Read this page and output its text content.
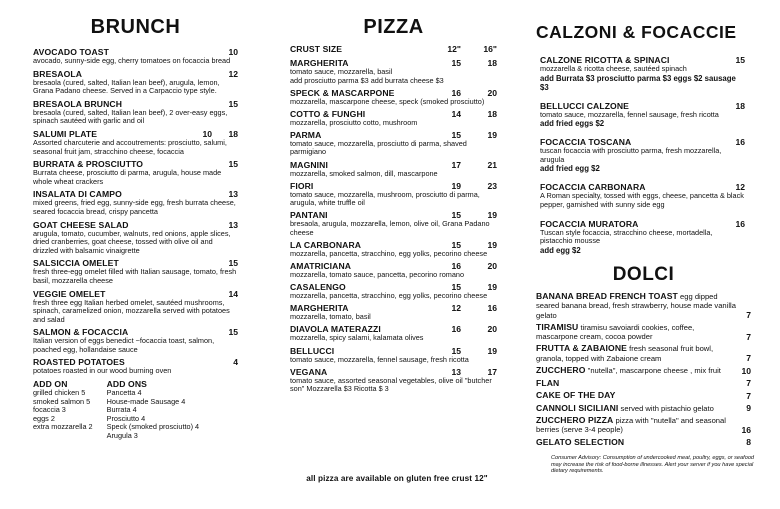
BRUNCH
AVOCADO TOAST	10
avocado, sunny-side egg, cherry tomatoes on focaccia bread
BRESAOLA	12
bresaola (cured, salted, Italian lean beef), arugula, lemon, Grana Padano cheese. Served in a Carpaccio type style.
BRESAOLA BRUNCH	15
bresaola (cured, salted, Italian lean beef), 2 over-easy eggs, spinach sautéed with garlic and oil
SALUMI PLATE	10	18
Assorted charcuterie and accoutrements: prosciutto, salumi, seasonal fruit jam, stracchino cheese, focaccia
BURRATA & PROSCIUTTO	15
Burrata cheese, prosciutto di parma, arugula, house made whole wheat crackers
INSALATA DI CAMPO	13
mixed greens, fried egg, sunny-side egg, fresh burrata cheese, seared focaccia bread, crispy pancetta
GOAT CHEESE SALAD	13
arugula, tomato, cucumber, walnuts, red onions, apple slices, dried cranberries, goat cheese, tossed with olive oil and drizzled with balsamic vinaigrette
SALSICCIA OMELET	15
fresh three-egg omelet filled with Italian sausage, tomato, fresh basil, mozzarella cheese
VEGGIE OMELET	14
fresh three egg Italian herbed omelet, sautéed mushrooms, spinach, caramelized onion, mozzarella served with potatoes and salad
SALMON & FOCACCIA	15
Italian version of eggs benedict ~focaccia toast, salmon, poached egg, hollandaise sauce
ROASTED POTATOES	4
potatoes roasted in our wood burning oven
ADD ON
grilled chicken 5
smoked salmon 5
focaccia 3
eggs 2
extra mozzarella 2
ADD ONS
Pancetta 4
House-made Sausage 4
Burrata 4
Prosciutto 4
Speck (smoked prosciutto) 4
Arugula 3
PIZZA
CRUST SIZE	12"	16"
MARGHERITA	15	18
tomato sauce, mozzarella, basil
add prosciutto parma $3 add burrata cheese $3
SPECK & MASCARPONE	16	20
mozzarella, mascarpone cheese, speck (smoked prosciutto)
COTTO & FUNGHI	14	18
mozzarella, prosciutto cotto, mushroom
PARMA	15	19
tomato sauce, mozzarella, prosciutto di parma, shaved parmigiano
MAGNINI	17	21
mozzarella, smoked salmon, dill, mascarpone
FIORI	19	23
tomato sauce, mozzarella, mushroom, prosciutto di parma, arugula, white truffle oil
PANTANI	15	19
bresaola, arugula, mozzarella, lemon, olive oil, Grana Padano cheese
LA CARBONARA	15	19
mozzarella, pancetta, stracchino, egg yolks, pecorino cheese
AMATRICIANA	16	20
mozzarella, tomato sauce, pancetta, pecorino romano
CASALENGO	15	19
mozzarella, pancetta, stracchino, egg yolks, pecorino cheese
MARGHERITA	12	16
mozzarella, tomato, basil
DIAVOLA MATERAZZI	16	20
mozzarella, spicy salami, kalamata olives
BELLUCCI	15	19
tomato sauce, mozzarella, fennel sausage, fresh ricotta
VEGANA	13	17
tomato sauce, assorted seasonal vegetables, olive oil "butcher son" Mozzarella $3 Ricotta $ 3
all pizza are available on gluten free crust 12"
CALZONI & FOCACCIE
CALZONE RICOTTA & SPINACI	15
mozzarella & ricotta cheese, sautéed spinach
add Burrata $3 prosciutto parma $3 eggs $2 sausage $3
BELLUCCI CALZONE	18
tomato sauce, mozzarella, fennel sausage, fresh ricotta
add fried eggs $2
FOCACCIA TOSCANA	16
tuscan focaccia with prosciutto parma, fresh mozzarella, arugula
add fried egg $2
FOCACCIA CARBONARA	12
A Roman specialty, tossed with eggs, cheese, pancetta & black pepper, garnished with sunny side egg
FOCACCIA MURATORA	16
Tuscan style focaccia, stracchino cheese, mortadella, pistacchio mousse
add egg $2
DOLCI
BANANA BREAD FRENCH TOAST egg dipped seared banana bread, fresh strawberry, house made vanilla gelato	7
TIRAMISU tiramisu savoiardi cookies, coffee, mascarpone cream, cocoa powder	7
FRUTTA & ZABAIONE fresh seasonal fruit bowl, granola, topped with Zabaione cream	7
ZUCCHERO "nutella", mascarpone cheese , mix fruit	10
FLAN	7
CAKE OF THE DAY	7
CANNOLI SICILIANI served with pistachio gelato	9
ZUCCHERO PIZZA pizza with "nutella" and seasonal berries (serve 3-4 people)	16
GELATO SELECTION	8
Consumer Advisory: Consumption of undercooked meat, poultry, eggs, or seafood may increase the risk of food-borne illnesses. Alert your server if you have special dietary requirements.
